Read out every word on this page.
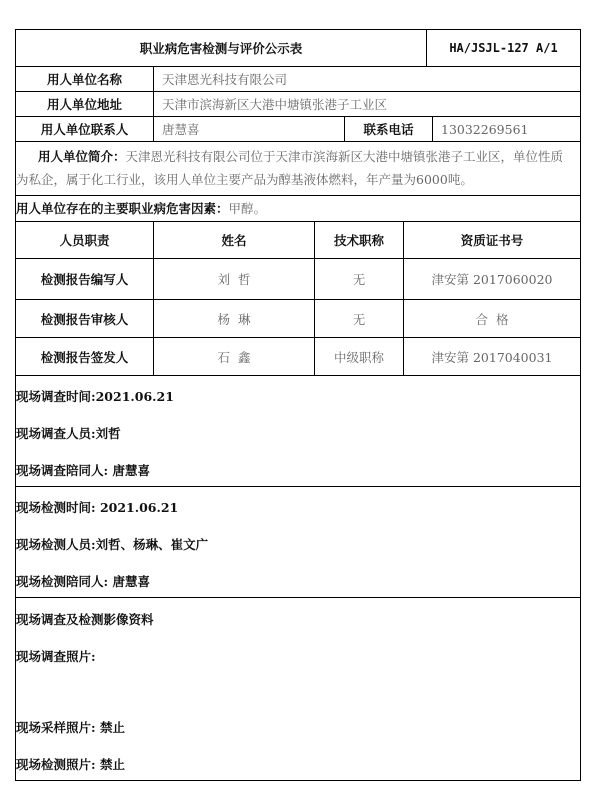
职业病危害检测与评价公示表	HA/JSJL-127 A/1
用人单位名称	天津恩光科技有限公司
用人单位地址	天津市滨海新区大港中塘镇张港子工业区
用人单位联系人	唐慧喜	联系电话	13032269561
用人单位简介：天津恩光科技有限公司位于天津市滨海新区大港中塘镇张港子工业区，单位性质为私企，属于化工行业，该用人单位主要产品为醇基液体燃料，年产量为6000吨。
用人单位存在的主要职业病危害因素：甲醇。
人员职责	姓名	技术职称	资质证书号
检测报告编写人	刘  哲	无	津安第 2017060020
检测报告审核人	杨  琳	无	合  格
检测报告签发人	石  鑫	中级职称	津安第 2017040031
现场调查时间:2021.06.21
现场调查人员:刘哲
现场调查陪同人: 唐慧喜
现场检测时间: 2021.06.21
现场检测人员:刘哲、杨琳、崔文广
现场检测陪同人: 唐慧喜
现场调查及检测影像资料
现场调查照片:
现场采样照片: 禁止
现场检测照片: 禁止
